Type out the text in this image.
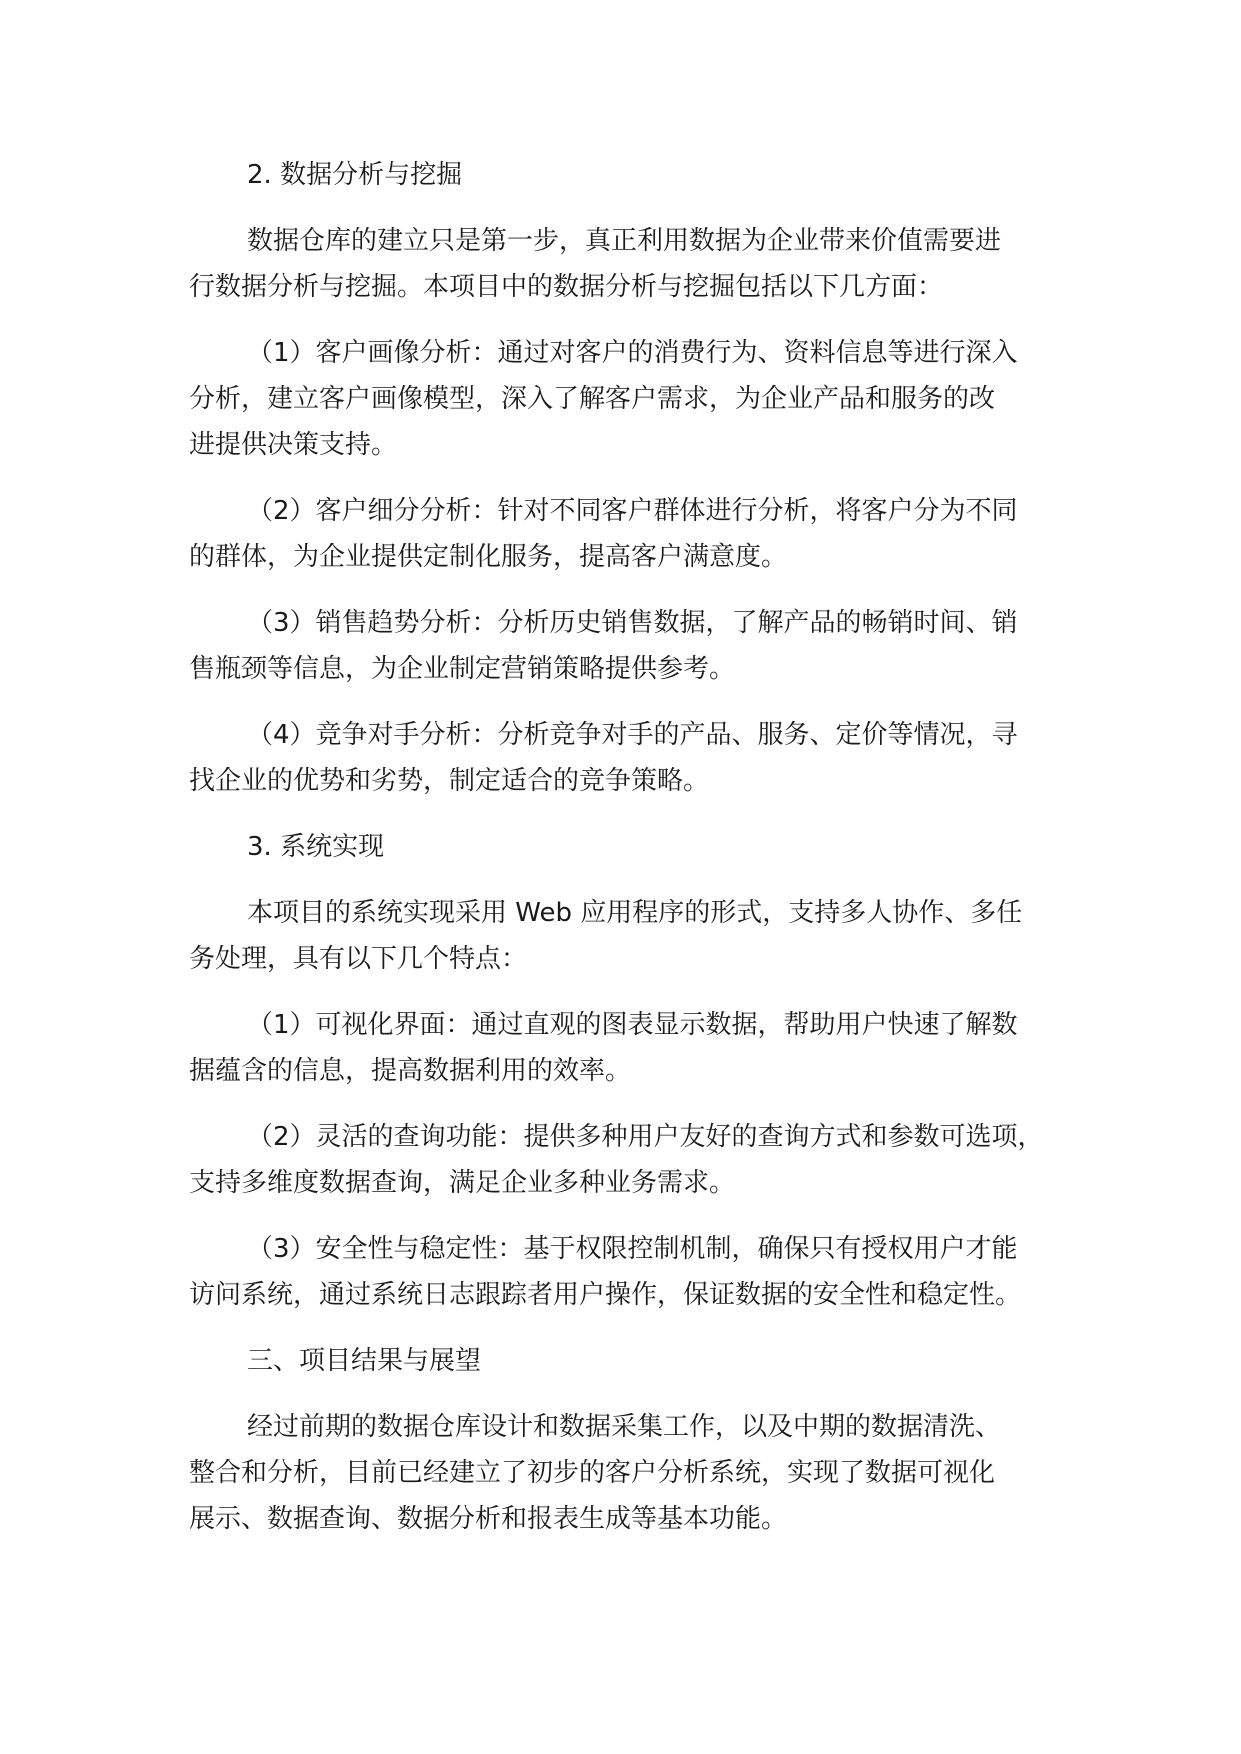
2. 数据分析与挖掘
数据仓库的建立只是第一步，真正利用数据为企业带来价值需要进
行数据分析与挖掘。本项目中的数据分析与挖掘包括以下几方面：
（1）客户画像分析：通过对客户的消费行为、资料信息等进行深入
分析，建立客户画像模型，深入了解客户需求，为企业产品和服务的改
进提供决策支持。
（2）客户细分分析：针对不同客户群体进行分析，将客户分为不同
的群体，为企业提供定制化服务，提高客户满意度。
（3）销售趋势分析：分析历史销售数据，了解产品的畅销时间、销
售瓶颈等信息，为企业制定营销策略提供参考。
（4）竞争对手分析：分析竞争对手的产品、服务、定价等情况，寻
找企业的优势和劣势，制定适合的竞争策略。
3. 系统实现
本项目的系统实现采用 Web 应用程序的形式，支持多人协作、多任
务处理，具有以下几个特点：
（1）可视化界面：通过直观的图表显示数据，帮助用户快速了解数
据蕴含的信息，提高数据利用的效率。
（2）灵活的查询功能：提供多种用户友好的查询方式和参数可选项，
支持多维度数据查询，满足企业多种业务需求。
（3）安全性与稳定性：基于权限控制机制，确保只有授权用户才能
访问系统，通过系统日志跟踪者用户操作，保证数据的安全性和稳定性。
三、项目结果与展望
经过前期的数据仓库设计和数据采集工作，以及中期的数据清洗、
整合和分析，目前已经建立了初步的客户分析系统，实现了数据可视化
展示、数据查询、数据分析和报表生成等基本功能。
